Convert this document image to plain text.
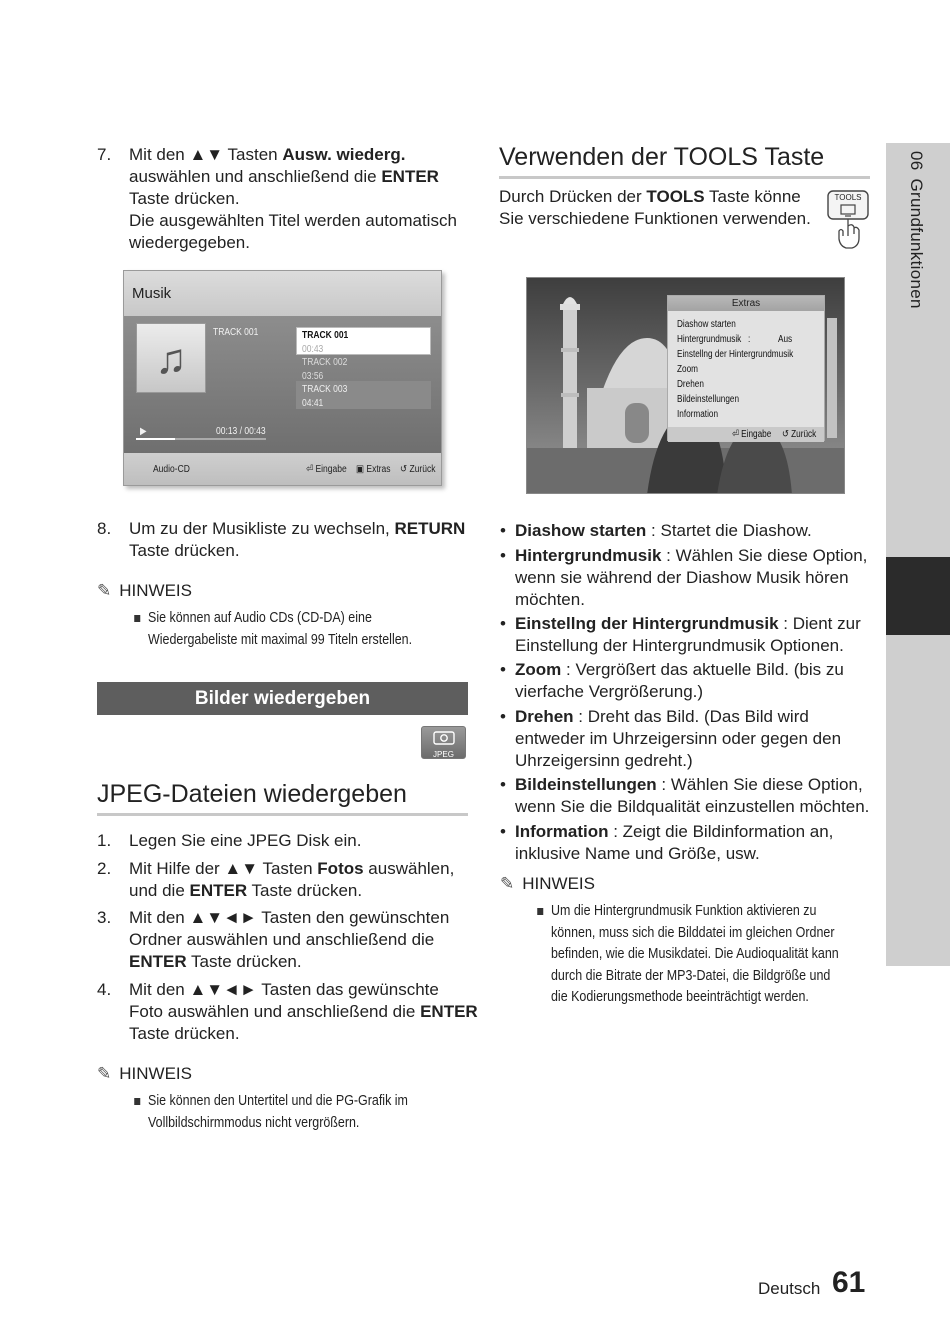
06Grundfunktionen
7. Mit den ▲▼ Tasten Ausw. wiederg.
auswählen und anschließend die ENTER
Taste drücken.
Die ausgewählten Titel werden automatisch
wiedergegeben.
Musik
♫
TRACK 001	TRACK 001
00:43
TRACK 002
03:56
TRACK 003
04:41
▶	00:13 / 00:43
Audio-CD	⏎ Eingabe ▣ Extras ↺ Zurück
8. Um zu der Musikliste zu wechseln, RETURN
Taste drücken.
✎ HINWEIS
Sie können auf Audio CDs (CD-DA) eine
Wiedergabeliste mit maximal 99 Titeln erstellen.
Bilder wiedergeben
JPEG
JPEG-Dateien wiedergeben
1. Legen Sie eine JPEG Disk ein.
2. Mit Hilfe der ▲▼ Tasten Fotos auswählen,
und die ENTER Taste drücken.
3. Mit den ▲▼◄► Tasten den gewünschten
Ordner auswählen und anschließend die
ENTER Taste drücken.
4. Mit den ▲▼◄► Tasten das gewünschte
Foto auswählen und anschließend die ENTER
Taste drücken.
✎ HINWEIS
Sie können den Untertitel und die PG-Grafik im
Vollbildschirmmodus nicht vergrößern.
Verwenden der TOOLS Taste
Durch Drücken der TOOLS Taste könne
Sie verschiedene Funktionen verwenden.
TOOLS
Extras
Diashow starten
Hintergrundmusik :	Aus
Einstellng der Hintergrundmusik
Zoom
Drehen
Bildeinstellungen
Information
⏎ Eingabe ↺ Zurück
• Diashow starten : Startet die Diashow.
• Hintergrundmusik : Wählen Sie diese Option,
wenn sie während der Diashow Musik hören
möchten.
• Einstellng der Hintergrundmusik : Dient zur
Einstellung der Hintergrundmusik Optionen.
• Zoom : Vergrößert das aktuelle Bild. (bis zu
vierfache Vergrößerung.)
• Drehen : Dreht das Bild. (Das Bild wird
entweder im Uhrzeigersinn oder gegen den
Uhrzeigersinn gedreht.)
• Bildeinstellungen : Wählen Sie diese Option,
wenn Sie die Bildqualität einzustellen möchten.
• Information : Zeigt die Bildinformation an,
inklusive Name und Größe, usw.
✎ HINWEIS
Um die Hintergrundmusik Funktion aktivieren zu
können, muss sich die Bilddatei im gleichen Ordner
befinden, wie die Musikdatei. Die Audioqualität kann
durch die Bitrate der MP3-Datei, die Bildgröße und
die Kodierungsmethode beeinträchtigt werden.
Deutsch 61
